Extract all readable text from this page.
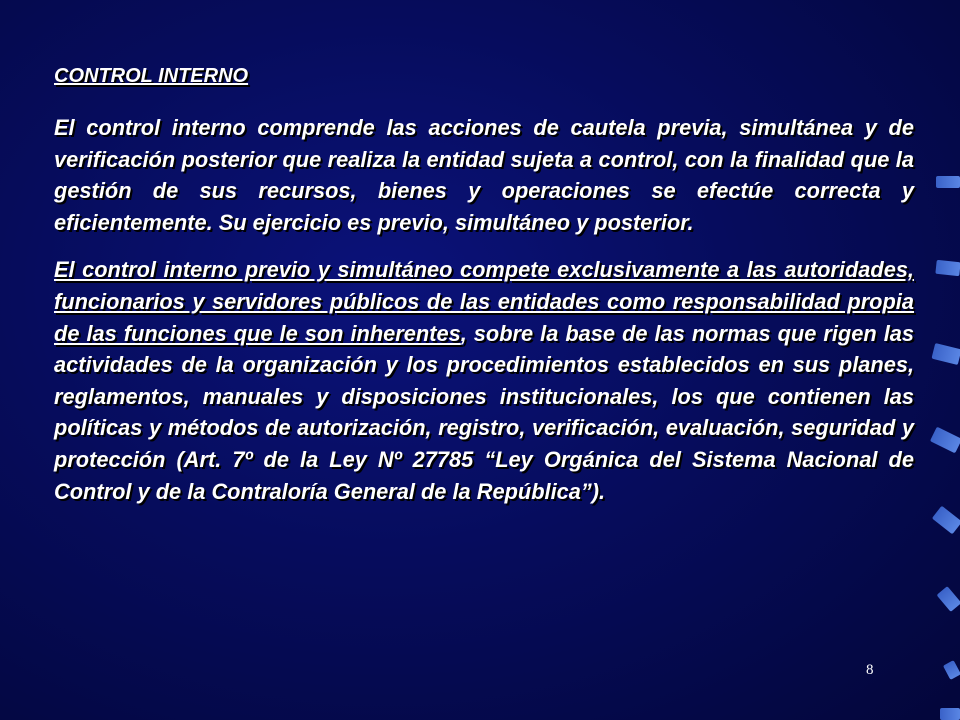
CONTROL INTERNO

El control interno comprende las acciones de cautela previa, simultánea y de verificación posterior que realiza la entidad sujeta a control, con la finalidad que la gestión de sus recursos, bienes y operaciones se efectúe correcta y eficientemente. Su ejercicio es previo, simultáneo y posterior.

El control interno previo y simultáneo compete exclusivamente a las autoridades, funcionarios y servidores públicos de las entidades como responsabilidad propia de las funciones que le son inherentes, sobre la base de las normas que rigen las actividades de la organización y los procedimientos establecidos en sus planes, reglamentos, manuales y disposiciones institucionales, los que contienen las políticas y métodos de autorización, registro, verificación, evaluación, seguridad y protección (Art. 7º de la Ley Nº 27785 “Ley Orgánica del Sistema Nacional de Control y de la Contraloría General de la República”).

8
